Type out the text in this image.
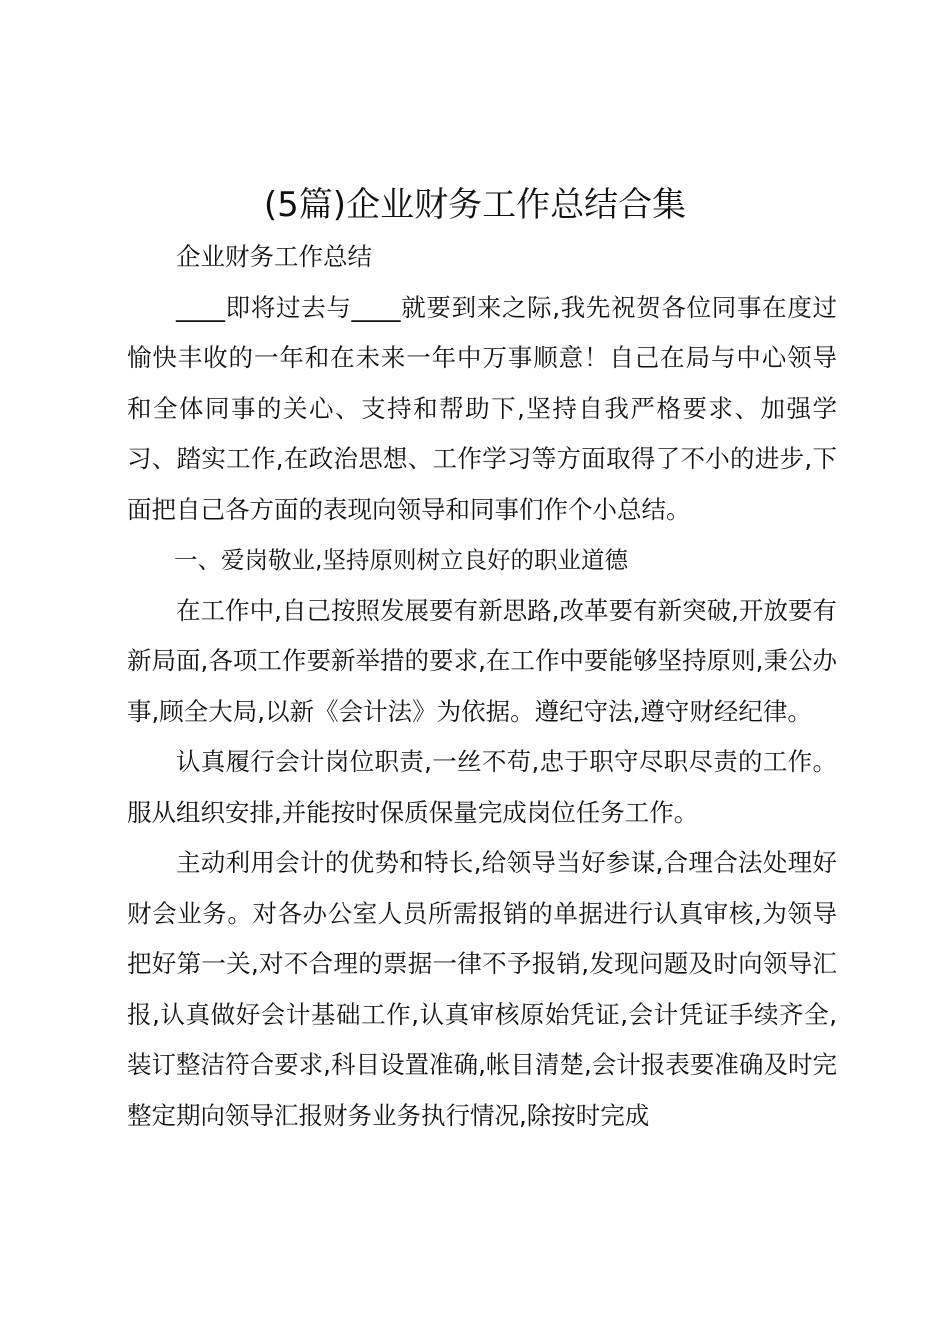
(5篇)企业财务工作总结合集

企业财务工作总结

____即将过去与____就要到来之际,我先祝贺各位同事在度过愉快丰收的一年和在未来一年中万事顺意！自己在局与中心领导和全体同事的关心、支持和帮助下,坚持自我严格要求、加强学习、踏实工作,在政治思想、工作学习等方面取得了不小的进步,下面把自己各方面的表现向领导和同事们作个小总结。

一、爱岗敬业,坚持原则树立良好的职业道德

在工作中,自己按照发展要有新思路,改革要有新突破,开放要有新局面,各项工作要新举措的要求,在工作中要能够坚持原则,秉公办事,顾全大局,以新《会计法》为依据。遵纪守法,遵守财经纪律。

认真履行会计岗位职责,一丝不苟,忠于职守尽职尽责的工作。服从组织安排,并能按时保质保量完成岗位任务工作。

主动利用会计的优势和特长,给领导当好参谋,合理合法处理好财会业务。对各办公室人员所需报销的单据进行认真审核,为领导把好第一关,对不合理的票据一律不予报销,发现问题及时向领导汇报,认真做好会计基础工作,认真审核原始凭证,会计凭证手续齐全,装订整洁符合要求,科目设置准确,帐目清楚,会计报表要准确及时完整定期向领导汇报财务业务执行情况,除按时完成
